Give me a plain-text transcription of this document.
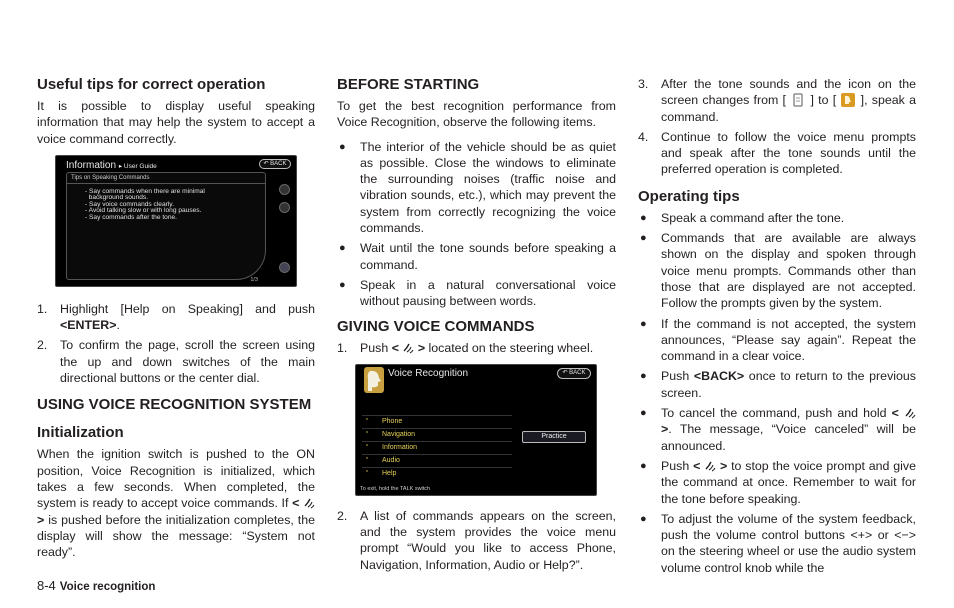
Useful tips for correct operation

It is possible to display useful speaking information that may help the system to accept a voice command correctly.

Information ▸ User Guide	↶ BACK
Tips on Speaking Commands
- Say commands when there are minimal
background sounds.
- Say voice commands clearly.
- Avoid talking slow or with long pauses.
- Say commands after the tone.
1/3
1. Highlight [Help on Speaking] and push <ENTER>.
2. To confirm the page, scroll the screen using the up and down switches of the main directional buttons or the center dial.
USING VOICE RECOGNITION SYSTEM
Initialization

When the ignition switch is pushed to the ON position, Voice Recognition is initialized, which takes a few seconds. When completed, the system is ready to accept voice commands. If <  > is pushed before the initialization completes, the display will show the message: “System not ready”.

BEFORE STARTING

To get the best recognition performance from Voice Recognition, observe the following items.

● The interior of the vehicle should be as quiet as possible. Close the windows to eliminate the surrounding noises (traffic noise and vibration sounds, etc.), which may prevent the system from correctly recognizing the voice commands.
● Wait until the tone sounds before speaking a command.
● Speak in a natural conversational voice without pausing between words.
GIVING VOICE COMMANDS
1. Push <  > located on the steering wheel.
Voice Recognition	↶ BACK
“ Phone
“ Navigation
“ Information
“ Audio
“ Help
Practice
To exit, hold the TALK switch
2. A list of commands appears on the screen, and the system provides the voice menu prompt “Would you like to access Phone, Navigation, Information, Audio or Help?”.
3. After the tone sounds and the icon on the screen changes from [  ] to [  ], speak a command.
4. Continue to follow the voice menu prompts and speak after the tone sounds until the preferred operation is completed.
Operating tips
● Speak a command after the tone.
● Commands that are available are always shown on the display and spoken through voice menu prompts. Commands other than those that are displayed are not accepted. Follow the prompts given by the system.
● If the command is not accepted, the system announces, “Please say again”. Repeat the command in a clear voice.
● Push <BACK> once to return to the previous screen.
● To cancel the command, push and hold <  >. The message, “Voice canceled” will be announced.
● Push <  > to stop the voice prompt and give the command at once. Remember to wait for the tone before speaking.
● To adjust the volume of the system feedback, push the volume control buttons <+> or <−> on the steering wheel or use the audio system volume control knob while the
8-4 Voice recognition
